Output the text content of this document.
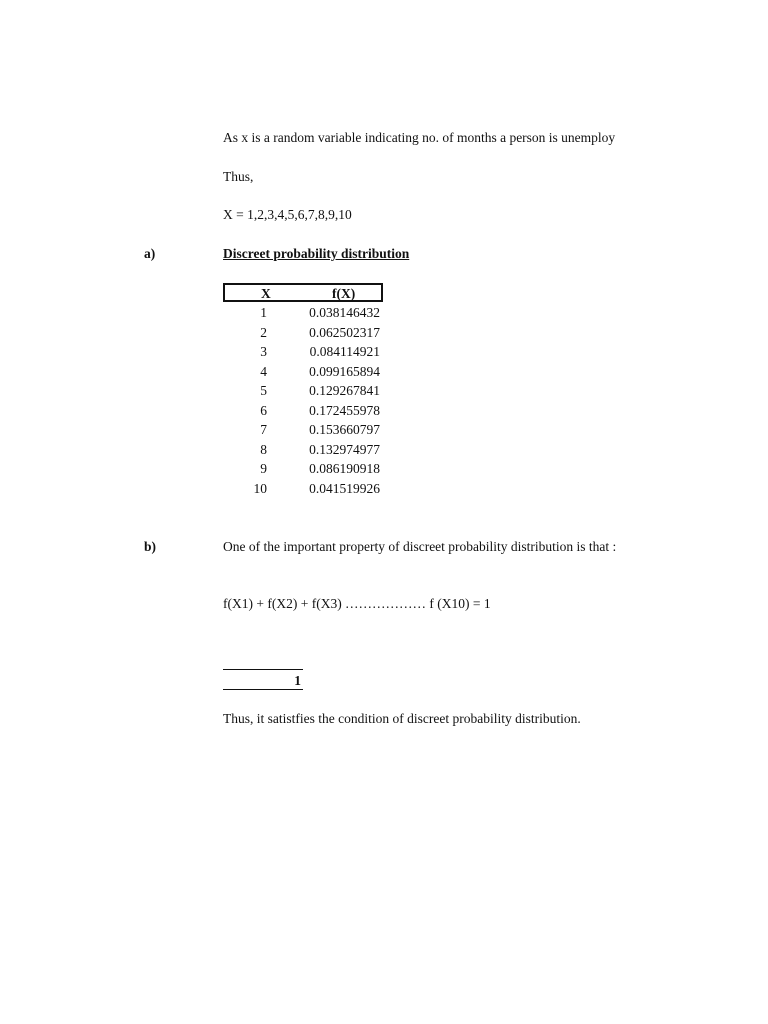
As x is a random variable indicating no. of months a person is unemploy
Thus,
X = 1,2,3,4,5,6,7,8,9,10
a)	Discreet probability distribution
X	f(X)
1	0.038146432
2	0.062502317
3	0.084114921
4	0.099165894
5	0.129267841
6	0.172455978
7	0.153660797
8	0.132974977
9	0.086190918
10	0.041519926
b)	One of the important property of discreet probability distribution is that :
f(X1) + f(X2) + f(X3) ……………… f (X10) = 1
1
Thus, it satistfies the condition of discreet probability distribution.
